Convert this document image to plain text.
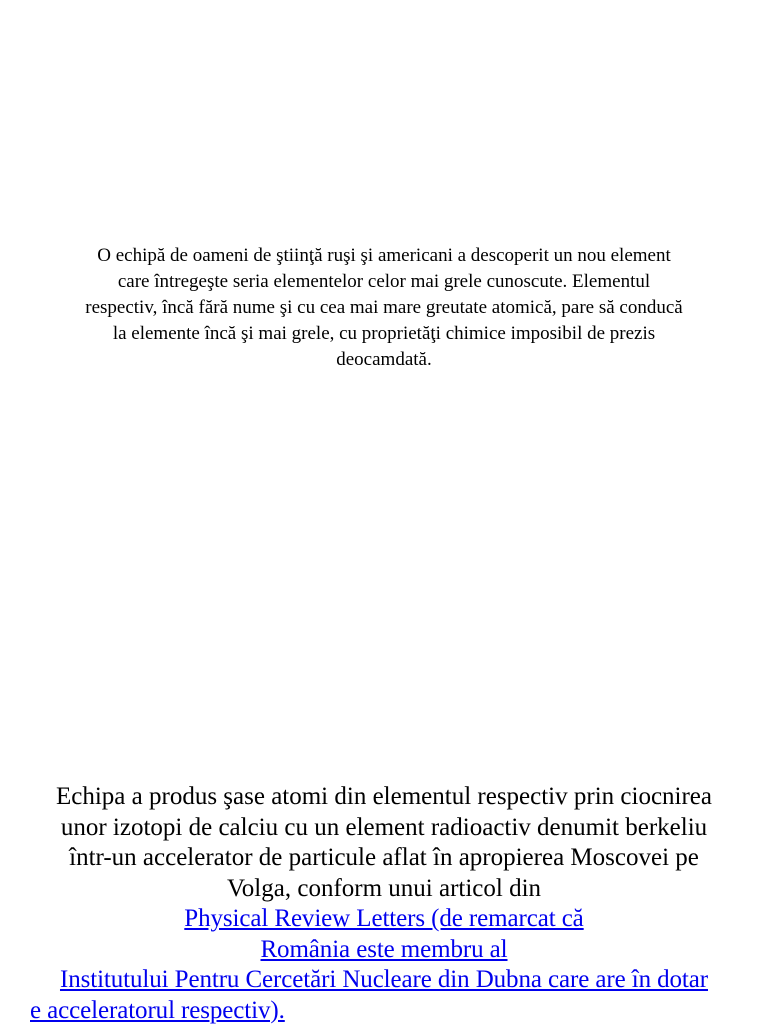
O echipă de oameni de ştiinţă ruşi şi americani a descoperit un nou element
care întregeşte seria elementelor celor mai grele cunoscute. Elementul
respectiv, încă fără nume şi cu cea mai mare greutate atomică, pare să conducă
la elemente încă şi mai grele, cu proprietăţi chimice imposibil de prezis
deocamdată.

Echipa a produs şase atomi din elementul respectiv prin ciocnirea
unor izotopi de calciu cu un element radioactiv denumit berkeliu
într-un accelerator de particule aflat în apropierea Moscovei pe
Volga, conform unui articol din
Physical Review Letters (de remarcat că
România este membru al
Institutului Pentru Cercetări Nucleare din Dubna care are în dotar
e acceleratorul respectiv).
